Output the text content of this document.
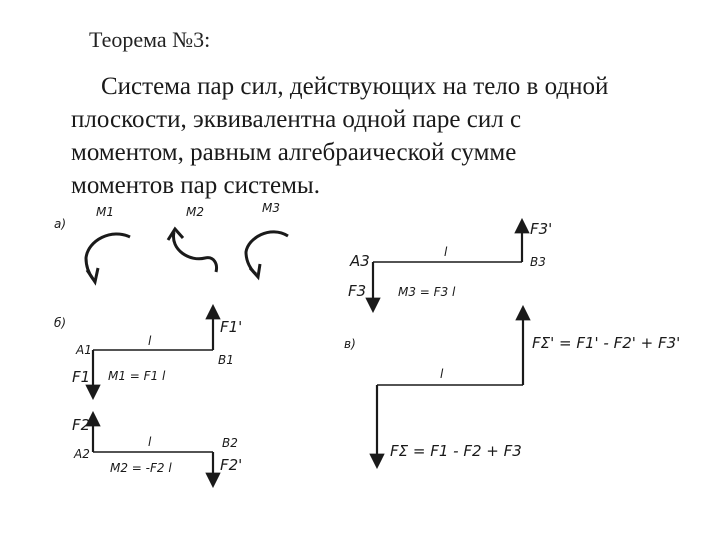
Теорема №3:
Система пар сил, действующих на тело в одной
плоскости, эквивалентна одной паре сил с
моментом, равным алгебраической сумме
моментов пар системы.
а)
М1	М2	М3
б)	F1'
A1
B1
l
F1 M1 = F1 l
F2
A2
B2
l
F2'
M2 = -F2 l
F3'
A3	B3
l
F3	M3 = F3 l
в)
l
FΣ' = F1' - F2' + F3'
FΣ = F1 - F2 + F3
